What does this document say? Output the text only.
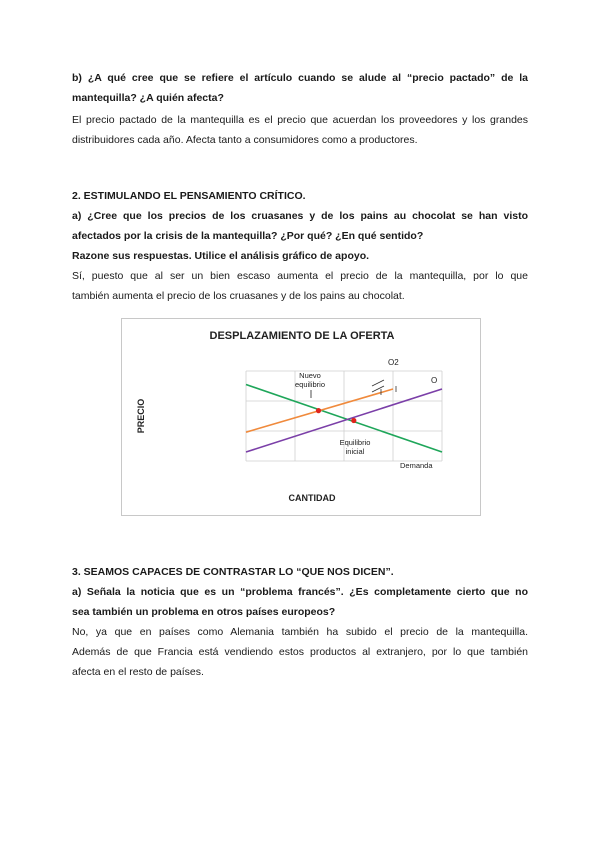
b) ¿A qué cree que se refiere el artículo cuando se alude al “precio pactado” de la

mantequilla? ¿A quién afecta?

El precio pactado de la mantequilla es el precio que acuerdan los proveedores y los grandes distribuidores cada año. Afecta tanto a consumidores como a productores.

2. ESTIMULANDO EL PENSAMIENTO CRÍTICO.

a) ¿Cree que los precios de los cruasanes y de los pains au chocolat se han visto

afectados por la crisis de la mantequilla? ¿Por qué? ¿En qué sentido?

Razone sus respuestas. Utilice el análisis gráfico de apoyo.

Sí, puesto que al ser un bien escaso aumenta el precio de la mantequilla, por lo que

también aumenta el precio de los cruasanes y de los pains au chocolat.

DESPLAZAMIENTO DE LA OFERTA
PRECIO
CANTIDAD
Nuevo
equilibrio
Equilibrio
inicial
O2
O
Demanda

3. SEAMOS CAPACES DE CONTRASTAR LO “QUE NOS DICEN”.

a) Señala la noticia que es un “problema francés”. ¿Es completamente cierto que no

sea también un problema en otros países europeos?

No, ya que en países como Alemania también ha subido el precio de la mantequilla.

Además de que Francia está vendiendo estos productos al extranjero, por lo que también

afecta en el resto de países.
